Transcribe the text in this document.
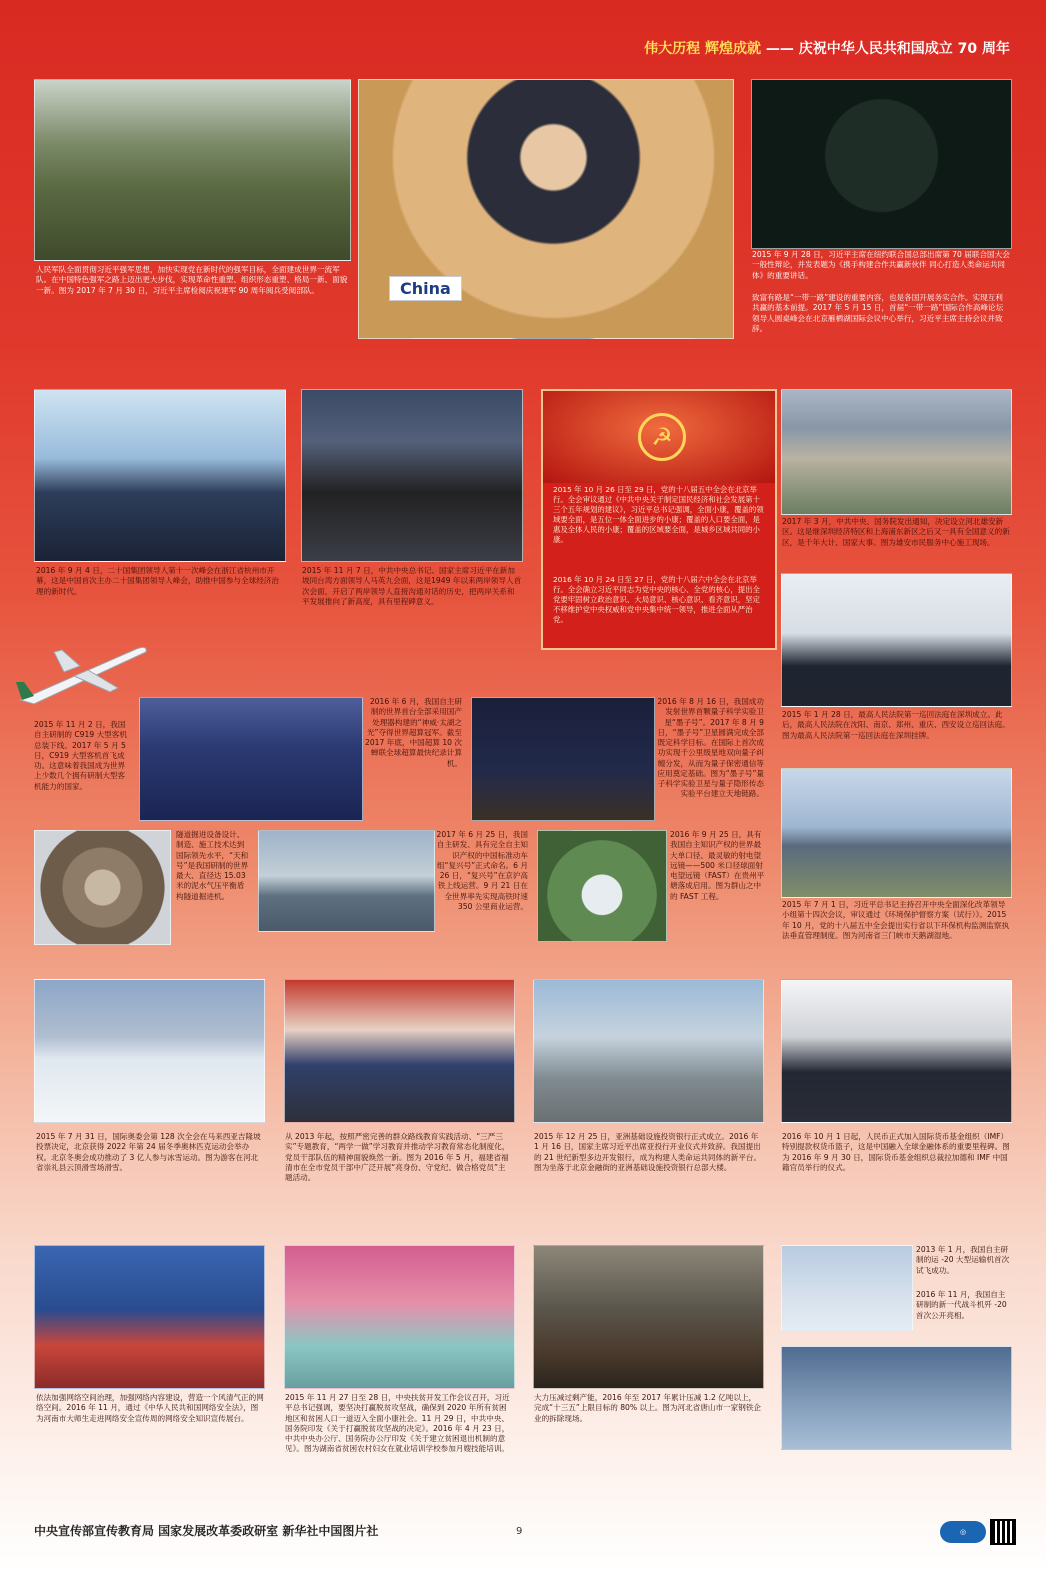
伟大历程 辉煌成就 —— 庆祝中华人民共和国成立 70 周年
人民军队全面贯彻习近平强军思想，加快实现党在新时代的强军目标，全面建成世界一流军队。在中国特色强军之路上迈出更大步伐，实现革命性重塑、组织形态重塑、格局一新、面貌一新。图为 2017 年 7 月 30 日，习近平主席检阅庆祝建军 90 周年阅兵受阅部队。	China
2015 年 9 月 28 日，习近平主席在纽约联合国总部出席第 70 届联合国大会一般性辩论，并发表题为《携手构建合作共赢新伙伴 同心打造人类命运共同体》的重要讲话。
致富有路是“一带一路”建设的重要内容，也是各国开展务实合作。实现互利共赢的基本前提。2017 年 5 月 15 日，首届“一带一路”国际合作高峰论坛领导人圆桌峰会在北京雁栖湖国际会议中心举行，习近平主席主持会议并致辞。
2016 年 9 月 4 日，二十国集团领导人第十一次峰会在浙江省杭州市开幕，这是中国首次主办二十国集团领导人峰会，助推中国参与全球经济治理的新时代。
2015 年 11 月 7 日，中共中央总书记、国家主席习近平在新加坡同台湾方面领导人马英九会面，这是1949 年以来两岸领导人首次会面，开启了两岸领导人直接沟通对话的历史，把两岸关系和平发展推向了新高度，具有里程碑意义。
☭
2015 年 10 月 26 日至 29 日，党的十八届五中全会在北京举行。全会审议通过《中共中央关于制定国民经济和社会发展第十三个五年规划的建议》，习近平总书记强调，全面小康，覆盖的领域要全面，是五位一体全面进步的小康；覆盖的人口要全面，是惠及全体人民的小康；覆盖的区域要全面，是城乡区域共同的小康。
2016 年 10 月 24 日至 27 日，党的十八届六中全会在北京举行。全会确立习近平同志为党中央的核心、全党的核心，提出全党要牢固树立政治意识、大局意识、核心意识、看齐意识，坚定不移维护党中央权威和党中央集中统一领导，推进全面从严治党。
2017 年 3 月，中共中央、国务院发出通知，决定设立河北雄安新区。这是继深圳经济特区和上海浦东新区之后又一具有全国意义的新区，是千年大计、国家大事。图为雄安市民服务中心施工现场。
2015 年 1 月 28 日，最高人民法院第一巡回法庭在深圳成立。此后，最高人民法院在沈阳、南京、郑州、重庆、西安设立巡回法庭。图为最高人民法院第一巡回法庭在深圳挂牌。
2015 年 11 月 2 日，我国自主研制的 C919 大型客机总装下线。2017 年 5 月 5 日，C919 大型客机首飞成功。这意味着我国成为世界上少数几个拥有研制大型客机能力的国家。
2016 年 6 月，我国自主研制的世界首台全部采用国产处理器构建的“神威·太湖之光”夺得世界超算冠军。截至 2017 年底，中国超算 10 次蝉联全球超算最快纪录计算机。
2016 年 8 月 16 日，我国成功发射世界首颗量子科学实验卫星“墨子号”。2017 年 8 月 9 日，“墨子号”卫星圆满完成全部既定科学目标。在国际上首次成功实现千公里级星地双向量子纠缠分发，从而为量子保密通信等应用奠定基础。图为“墨子号”量子科学实验卫星与量子隐形传态实验平台建立天地链路。
隧道掘进设备设计、制造、施工技术达到国际领先水平，“天和号”是我国研制的世界最大、直径达 15.03 米的泥水气压平衡盾构隧道掘进机。
2017 年 6 月 25 日，我国自主研发、具有完全自主知识产权的中国标准动车组“复兴号”正式命名。6 月 26 日，“复兴号”在京沪高铁上线运营。9 月 21 日在全世界率先实现高铁时速 350 公里商业运营。
2016 年 9 月 25 日，具有我国自主知识产权的世界最大单口径、最灵敏的射电望远镜——500 米口径球面射电望远镜（FAST）在贵州平塘落成启用。图为群山之中的 FAST 工程。
2015 年 7 月 1 日，习近平总书记主持召开中央全面深化改革领导小组第十四次会议，审议通过《环境保护督察方案（试行）》。2015 年 10 月，党的十八届五中全会提出实行省以下环保机构监测监察执法垂直管理制度。图为河南省三门峡市天鹅湖湿地。
2015 年 7 月 31 日，国际奥委会第 128 次全会在马来西亚吉隆坡投票决定，北京获得 2022 年第 24 届冬季奥林匹克运动会举办权。北京冬奥会成功推动了 3 亿人参与冰雪运动。图为游客在河北省崇礼县云顶滑雪场滑雪。
从 2013 年起，按照严密完善的群众路线教育实践活动、“三严三实”专题教育，“两学一做”学习教育并推动学习教育常态化制度化，党员干部队伍的精神面貌焕然一新。图为 2016 年 5 月，福建省福清市在全市党员干部中广泛开展“亮身份、守党纪、做合格党员”主题活动。
2015 年 12 月 25 日，亚洲基础设施投资银行正式成立。2016 年 1 月 16 日，国家主席习近平出席亚投行开业仪式并致辞。我国提出的 21 世纪新型多边开发银行，成为构建人类命运共同体的新平台。图为坐落于北京金融街的亚洲基础设施投资银行总部大楼。
2016 年 10 月 1 日起，人民币正式加入国际货币基金组织（IMF）特别提款权货币篮子，这是中国融入全球金融体系的重要里程碑。图为 2016 年 9 月 30 日，国际货币基金组织总裁拉加德和 IMF 中国籍官员举行的仪式。
依法加强网络空间治理，加强网络内容建设，营造一个风清气正的网络空间。2016 年 11 月，通过《中华人民共和国网络安全法》，图为河南市大师生走进网络安全宣传周的网络安全知识宣传展台。
2015 年 11 月 27 日至 28 日，中央扶贫开发工作会议召开，习近平总书记强调，要坚决打赢脱贫攻坚战，确保到 2020 年所有贫困地区和贫困人口一道迈入全面小康社会。11 月 29 日，中共中央、国务院印发《关于打赢脱贫攻坚战的决定》。2016 年 4 月 23 日，中共中央办公厅、国务院办公厅印发《关于建立贫困退出机制的意见》。图为湖南省贫困农村妇女在就业培训学校参加月嫂技能培训。
大力压减过剩产能，2016 年至 2017 年累计压减 1.2 亿吨以上，完成“十三五”上限目标的 80% 以上。图为河北省唐山市一家钢铁企业的拆除现场。
2013 年 1 月，我国自主研制的运 -20 大型运输机首次试飞成功。
2016 年 11 月，我国自主研制的新一代战斗机歼 -20 首次公开亮相。
中央宣传部宣传教育局 国家发展改革委政研室 新华社中国图片社	9	◎
